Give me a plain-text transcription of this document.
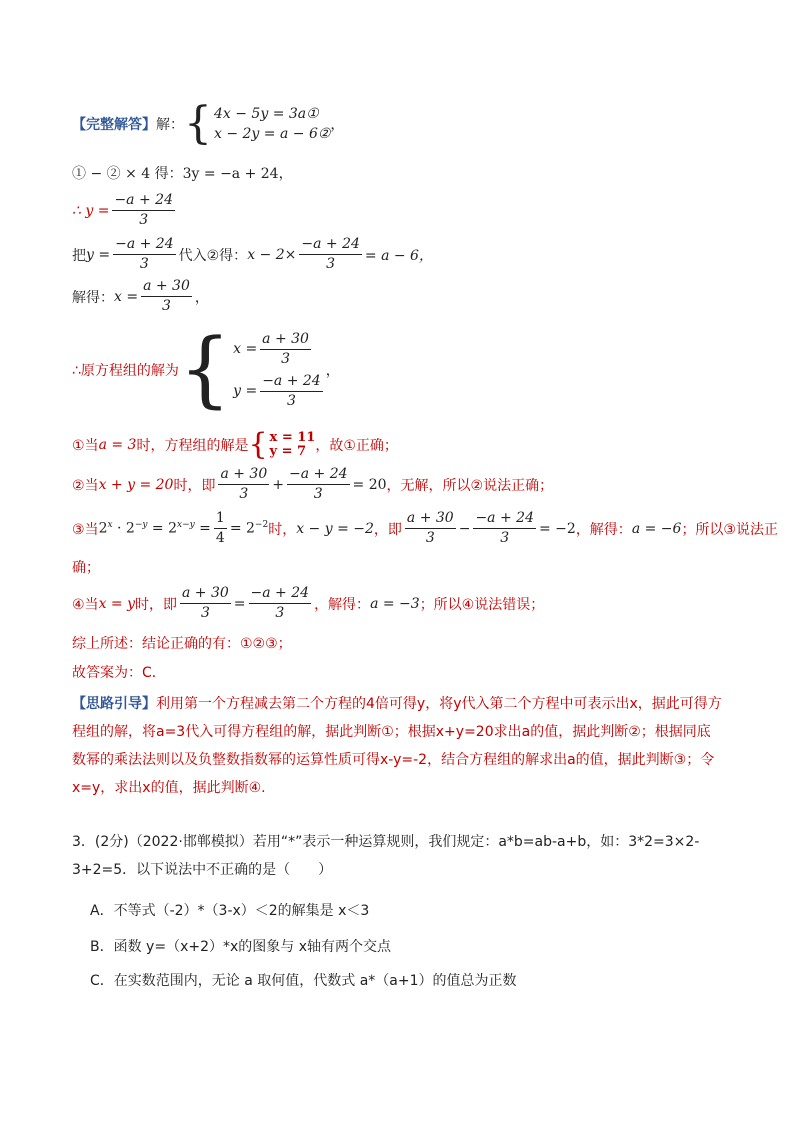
【完整解答】 解： { 4x − 5y = 3a①
x − 2y = a − 6②
，
① − ② × 4 得：3y = −a + 24，
∴ $y = \frac{-a + 24}{3}$
把 $y = \frac{-a + 24}{3}$ 代入②得： $x - 2\times \frac{-a + 24}{3} = a - 6$，
解得： $x = \frac{a + 30}{3}$ ，
∴原方程组的解为 { $x = \frac{a + 30}{3}$
$y = \frac{-a + 24}{3}$
，
①当 a = 3 时，方程组的解是 { x = 11
y = 7 ，故①正确；
②当 x + y = 20 时，即 $\frac{a + 30}{3} + \frac{-a + 24}{3} = 20$ ，无解，所以②说法正确；
③当 $2^x \cdot 2^{-y} = 2^{x-y} = \frac{1}{4} = 2^{-2}$ 时， x − y = −2 ，即 $\frac{a + 30}{3} - \frac{-a + 24}{3} = -2$ ，解得： a = −6 ；所以③说法正
确；
④当 x = y 时，即 $\frac{a + 30}{3} = \frac{-a + 24}{3}$ ，解得： a = −3 ；所以④说法错误；
综上所述：结论正确的有：①②③；
故答案为：C．
【思路引导】利用第一个方程减去第二个方程的4倍可得y，将y代入第二个方程中可表示出x，据此可得方程组的解，将a=3代入可得方程组的解，据此判断①；根据x+y=20求出a的值，据此判断②；根据同底数幂的乘法法则以及负整数指数幂的运算性质可得x-y=-2，结合方程组的解求出a的值，据此判断③；令x=y，求出x的值，据此判断④.
3．(2分)（2022·邯郸模拟）若用“*”表示一种运算规则，我们规定：a*b=ab-a+b，如：3*2=3×2-3+2=5．以下说法中不正确的是（　　）
A．不等式（-2）*（3-x）＜2的解集是 x＜3
B．函数 y=（x+2）*x的图象与 x轴有两个交点
C．在实数范围内，无论 a 取何值，代数式 a*（a+1）的值总为正数
